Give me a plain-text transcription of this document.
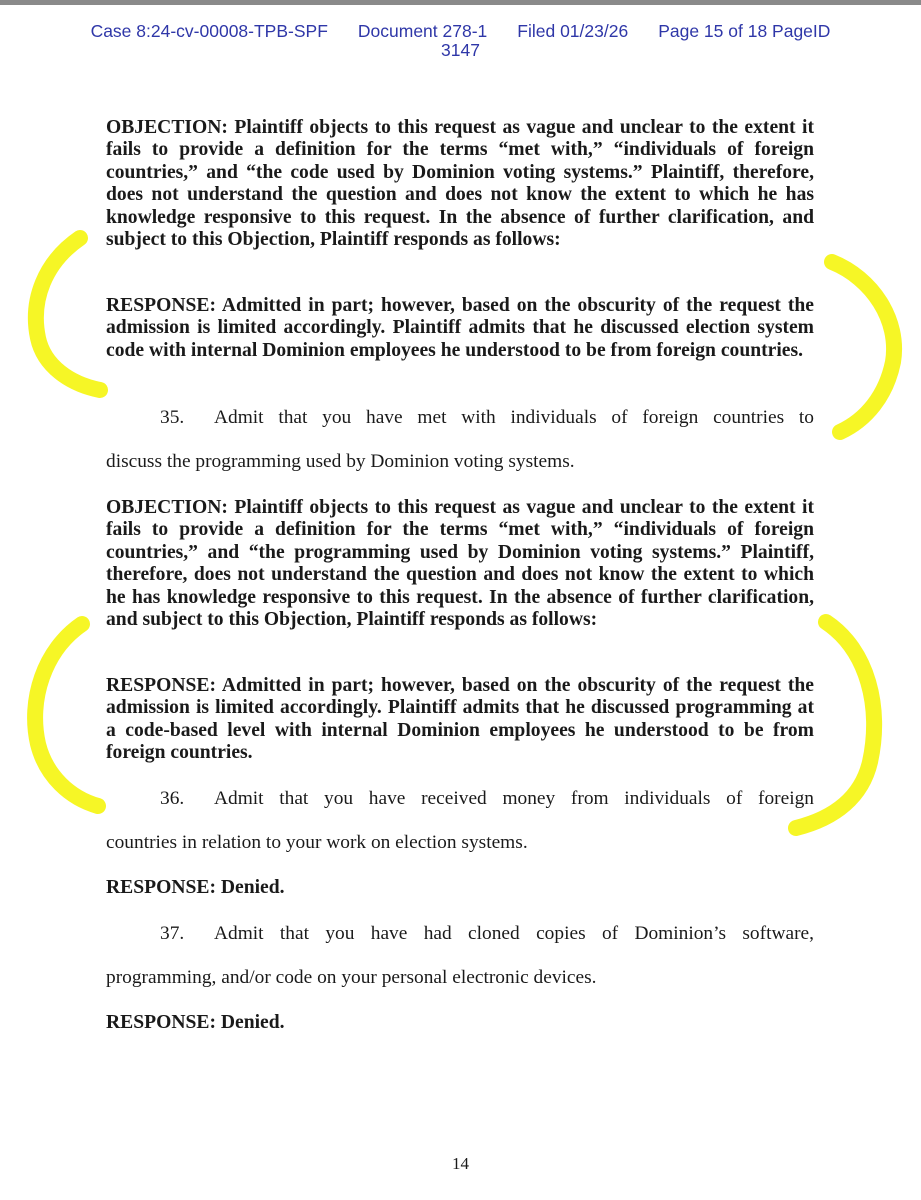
Case 8:24-cv-00008-TPB-SPF Document 278-1 Filed 01/23/26 Page 15 of 18 PageID
3147
OBJECTION: Plaintiff objects to this request as vague and unclear to the extent it fails to provide a definition for the terms “met with,” “individuals of foreign countries,” and “the code used by Dominion voting systems.” Plaintiff, therefore, does not understand the question and does not know the extent to which he has knowledge responsive to this request. In the absence of further clarification, and subject to this Objection, Plaintiff responds as follows:
RESPONSE: Admitted in part; however, based on the obscurity of the request the admission is limited accordingly. Plaintiff admits that he discussed election system code with internal Dominion employees he understood to be from foreign countries.
35. Admit that you have met with individuals of foreign countries to
discuss the programming used by Dominion voting systems.
OBJECTION: Plaintiff objects to this request as vague and unclear to the extent it fails to provide a definition for the terms “met with,” “individuals of foreign countries,” and “the programming used by Dominion voting systems.” Plaintiff, therefore, does not understand the question and does not know the extent to which he has knowledge responsive to this request. In the absence of further clarification, and subject to this Objection, Plaintiff responds as follows:
RESPONSE: Admitted in part; however, based on the obscurity of the request the admission is limited accordingly. Plaintiff admits that he discussed programming at a code-based level with internal Dominion employees he understood to be from foreign countries.
36. Admit that you have received money from individuals of foreign
countries in relation to your work on election systems.
RESPONSE: Denied.
37. Admit that you have had cloned copies of Dominion’s software,
programming, and/or code on your personal electronic devices.
RESPONSE: Denied.
14
